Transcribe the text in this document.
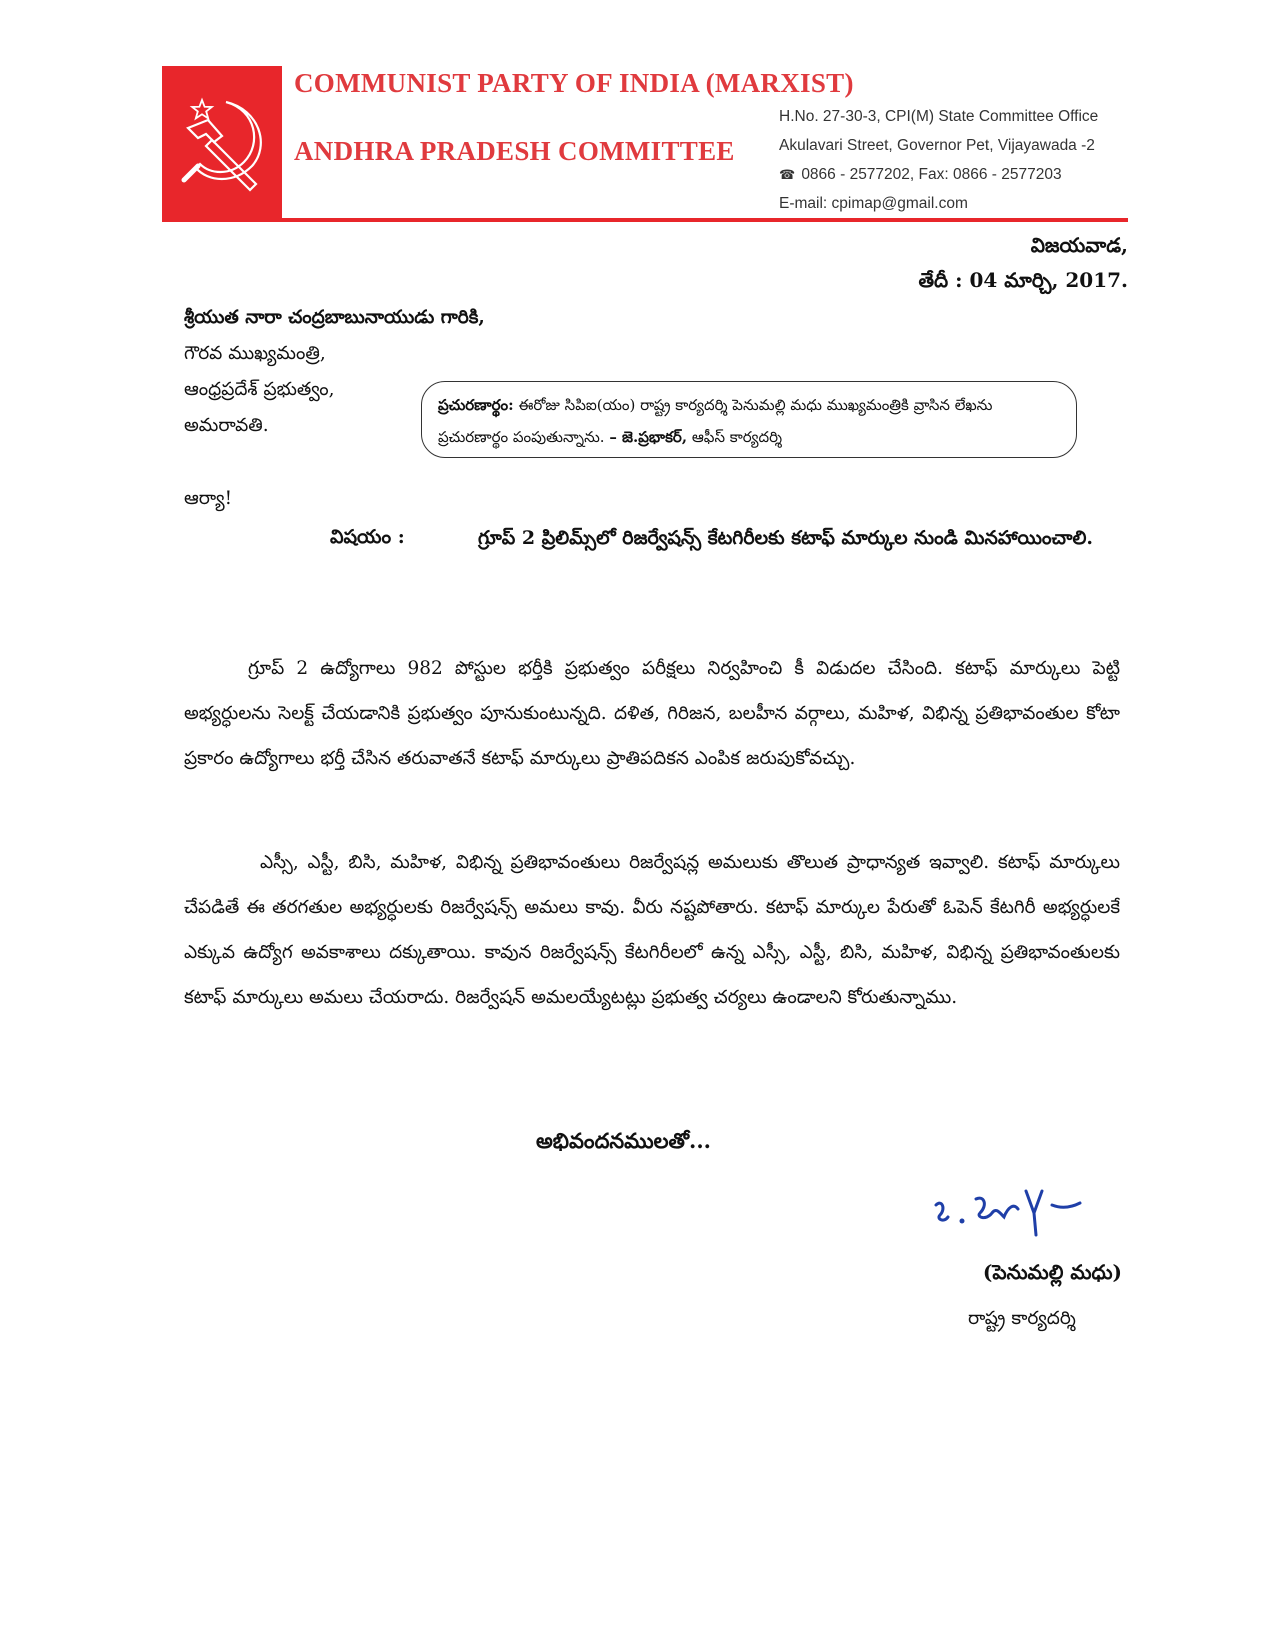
COMMUNIST PARTY OF INDIA (MARXIST)
ANDHRA PRADESH COMMITTEE
H.No. 27-30-3, CPI(M) State Committee Office
Akulavari Street, Governor Pet, Vijayawada -2
☎ 0866 - 2577202, Fax: 0866 - 2577203
E-mail: cpimap@gmail.com
విజయవాడ,
తేదీ : 04 మార్చి, 2017.
శ్రీయుత నారా చంద్రబాబునాయుడు గారికి,
గౌరవ ముఖ్యమంత్రి,
ఆంధ్రప్రదేశ్ ప్రభుత్వం,
అమరావతి.
ప్రచురణార్థం: ఈరోజు సిపిఐ(యం) రాష్ట్ర కార్యదర్శి పెనుమల్లి మధు ముఖ్యమంత్రికి వ్రాసిన లేఖను ప్రచురణార్థం పంపుతున్నాను. – జె.ప్రభాకర్, ఆఫీస్ కార్యదర్శి
ఆర్యా!
విషయం :	గ్రూప్ 2 ప్రిలిమ్స్‌లో రిజర్వేషన్స్ కేటగిరీలకు కటాఫ్ మార్కుల నుండి మినహాయించాలి.

గ్రూప్ 2 ఉద్యోగాలు 982 పోస్టుల భర్తీకి ప్రభుత్వం పరీక్షలు నిర్వహించి కీ విడుదల చేసింది. కటాఫ్ మార్కులు పెట్టి అభ్యర్ధులను సెలక్ట్ చేయడానికి ప్రభుత్వం పూనుకుంటున్నది. దళిత, గిరిజన, బలహీన వర్గాలు, మహిళ, విభిన్న ప్రతిభావంతుల కోటా ప్రకారం ఉద్యోగాలు భర్తీ చేసిన తరువాతనే కటాఫ్ మార్కులు ప్రాతిపదికన ఎంపిక జరుపుకోవచ్చు.

ఎస్సీ, ఎస్టీ, బిసి, మహిళ, విభిన్న ప్రతిభావంతులు రిజర్వేషన్ల అమలుకు తొలుత ప్రాధాన్యత ఇవ్వాలి. కటాఫ్ మార్కులు చేపడితే ఈ తరగతుల అభ్యర్ధులకు రిజర్వేషన్స్ అమలు కావు. వీరు నష్టపోతారు. కటాఫ్ మార్కుల పేరుతో ఓపెన్ కేటగిరీ అభ్యర్ధులకే ఎక్కువ ఉద్యోగ అవకాశాలు దక్కుతాయి. కావున రిజర్వేషన్స్ కేటగిరీలలో ఉన్న ఎస్సీ, ఎస్టీ, బిసి, మహిళ, విభిన్న ప్రతిభావంతులకు కటాఫ్ మార్కులు అమలు చేయరాదు. రిజర్వేషన్ అమలయ్యేటట్లు ప్రభుత్వ చర్యలు ఉండాలని కోరుతున్నాము.

అభివందనములతో...
(పెనుమల్లి మధు)
రాష్ట్ర కార్యదర్శి
